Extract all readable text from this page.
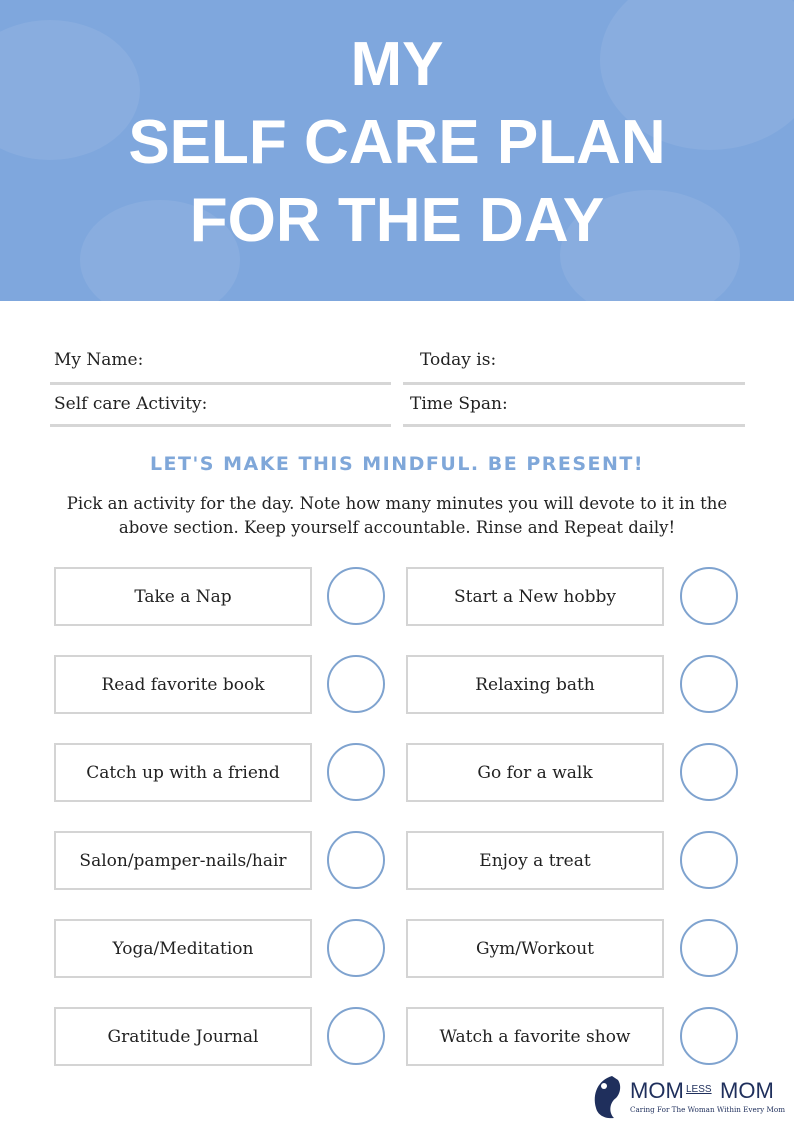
MY
SELF CARE PLAN
FOR THE DAY
My Name:	Today is:
Self care Activity:	Time Span:
LET'S MAKE THIS MINDFUL. BE PRESENT!
Pick an activity for the day. Note how many minutes you will devote to it in the above section. Keep yourself accountable. Rinse and Repeat daily!
Take a Nap
Read favorite book
Catch up with a friend
Salon/pamper-nails/hair
Yoga/Meditation
Gratitude Journal
Start a New hobby
Relaxing bath
Go for a walk
Enjoy a treat
Gym/Workout
Watch a favorite show
MOM LESS MOM
Caring For The Woman Within Every Mom
